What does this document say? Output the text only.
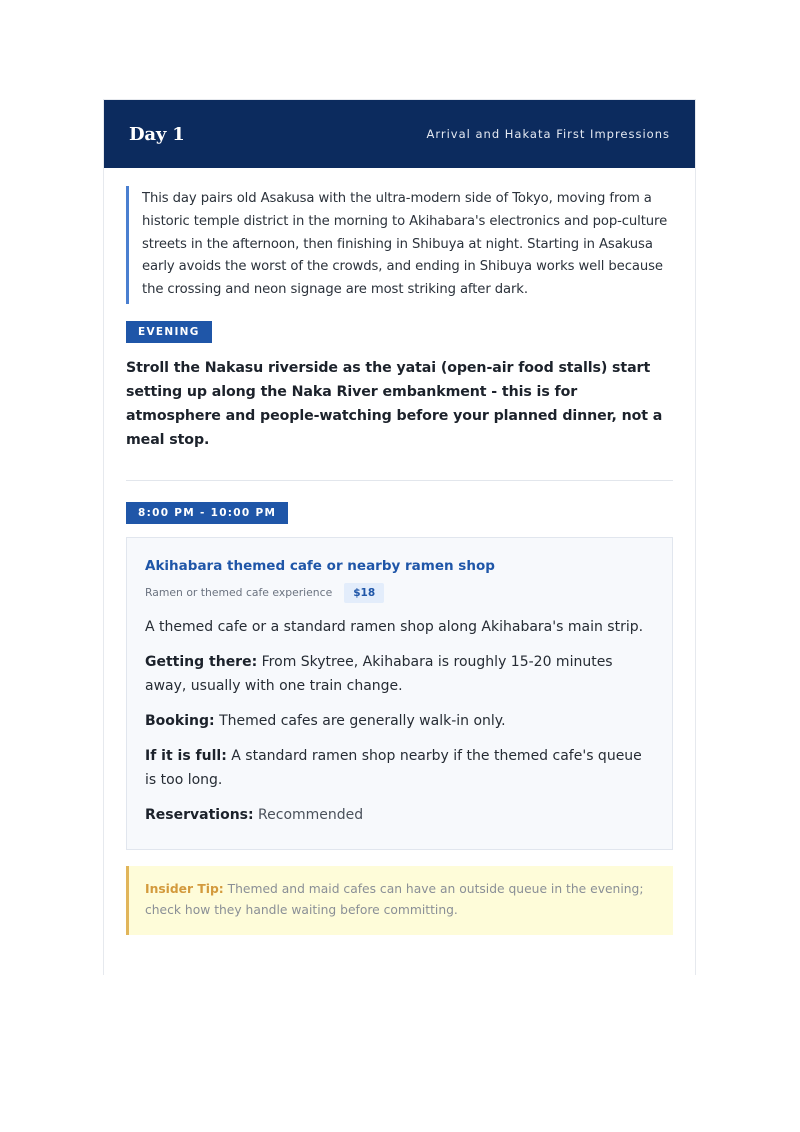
Day 1	Arrival and Hakata First Impressions
This day pairs old Asakusa with the ultra-modern side of Tokyo, moving from a historic temple district in the morning to Akihabara's electronics and pop-culture streets in the afternoon, then finishing in Shibuya at night. Starting in Asakusa early avoids the worst of the crowds, and ending in Shibuya works well because the crossing and neon signage are most striking after dark.
EVENING
Stroll the Nakasu riverside as the yatai (open-air food stalls) start setting up along the Naka River embankment - this is for atmosphere and people-watching before your planned dinner, not a meal stop.
8:00 PM - 10:00 PM
Akihabara themed cafe or nearby ramen shop
Ramen or themed cafe experience	$18
A themed cafe or a standard ramen shop along Akihabara's main strip.
Getting there: From Skytree, Akihabara is roughly 15-20 minutes away, usually with one train change.
Booking: Themed cafes are generally walk-in only.
If it is full: A standard ramen shop nearby if the themed cafe's queue is too long.
Reservations: Recommended
Insider Tip: Themed and maid cafes can have an outside queue in the evening; check how they handle waiting before committing.
